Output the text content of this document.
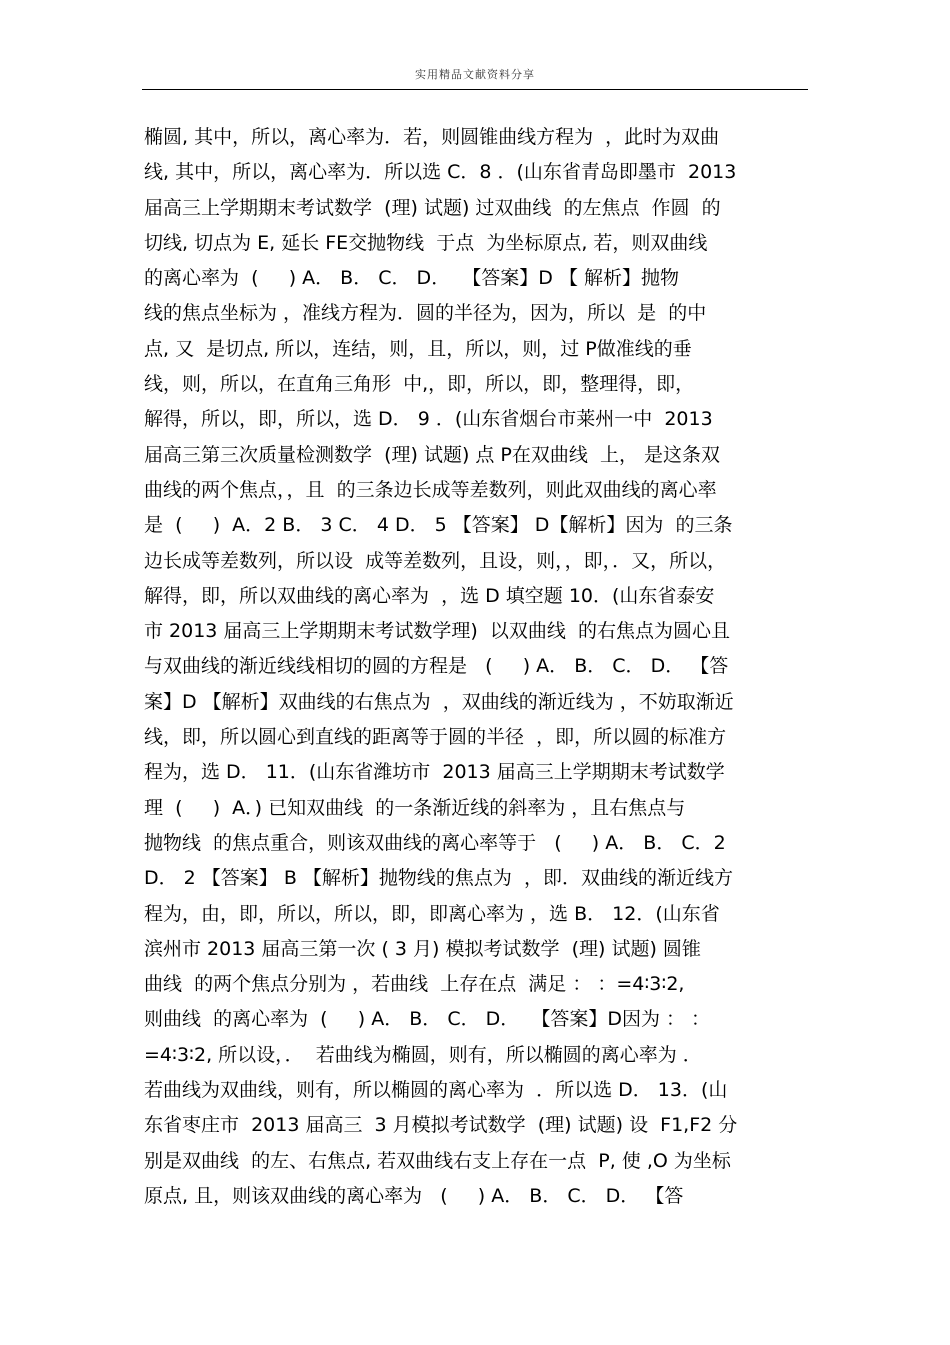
实用精品文献资料分享
椭圆, 其中，所以，离心率为．若，则圆锥曲线方程为  ，此时为双曲
线, 其中，所以，离心率为．所以选 C．8 ．(山东省青岛即墨市  2013
届高三上学期期末考试数学  (理) 试题) 过双曲线  的左焦点  作圆  的
切线, 切点为 E, 延长 FE交抛物线  于点  为坐标原点, 若，则双曲线
的离心率为  (     ) A． B． C． D．  【答案】D 【 解析】抛物
线的焦点坐标为 ，准线方程为．圆的半径为，因为，所以  是  的中
点, 又  是切点, 所以，连结，则，且，所以，则，过 P做准线的垂
线，则，所以，在直角三角形  中,，即，所以，即，整理得，即，
解得，所以，即，所以，选 D． 9 ．(山东省烟台市莱州一中  2013
届高三第三次质量检测数学  (理) 试题) 点 P在双曲线  上， 是这条双
曲线的两个焦点，，且  的三条边长成等差数列，则此双曲线的离心率
是  (     )  A．2 B． 3 C． 4 D． 5 【答案】 D【解析】因为  的三条
边长成等差数列，所以设  成等差数列，且设，则，，即，．又，所以，
解得，即，所以双曲线的离心率为  ，选 D 填空题 10．(山东省泰安
市 2013 届高三上学期期末考试数学理)  以双曲线  的右焦点为圆心且
与双曲线的渐近线线相切的圆的方程是   (     ) A． B． C． D． 【答
案】D 【解析】双曲线的右焦点为  ，双曲线的渐近线为 ，不妨取渐近
线，即，所以圆心到直线的距离等于圆的半径  ，即，所以圆的标准方
程为，选 D． 11．(山东省潍坊市  2013 届高三上学期期末考试数学
理  (     )  A．) 已知双曲线  的一条渐近线的斜率为 ，且右焦点与
抛物线  的焦点重合，则该双曲线的离心率等于   (     ) A． B． C．2
D． 2 【答案】 B 【解析】抛物线的焦点为  ，即．双曲线的渐近线方
程为，由，即，所以，所以，即，即离心率为 ，选 B． 12．(山东省
滨州市 2013 届高三第一次 ( 3 月) 模拟考试数学  (理) 试题) 圆锥
曲线  的两个焦点分别为 ，若曲线  上存在点  满足 ： ：=4∶3∶2,
则曲线  的离心率为  (     ) A． B． C． D．  【答案】D因为 ： ：
=4∶3∶2, 所以设，．  若曲线为椭圆，则有，所以椭圆的离心率为 ．
若曲线为双曲线，则有，所以椭圆的离心率为  ．所以选 D． 13．(山
东省枣庄市  2013 届高三  3 月模拟考试数学  (理) 试题) 设  F1,F2 分
别是双曲线  的左、右焦点, 若双曲线右支上存在一点  P, 使 ,O 为坐标
原点, 且，则该双曲线的离心率为   (     ) A． B． C． D． 【答
